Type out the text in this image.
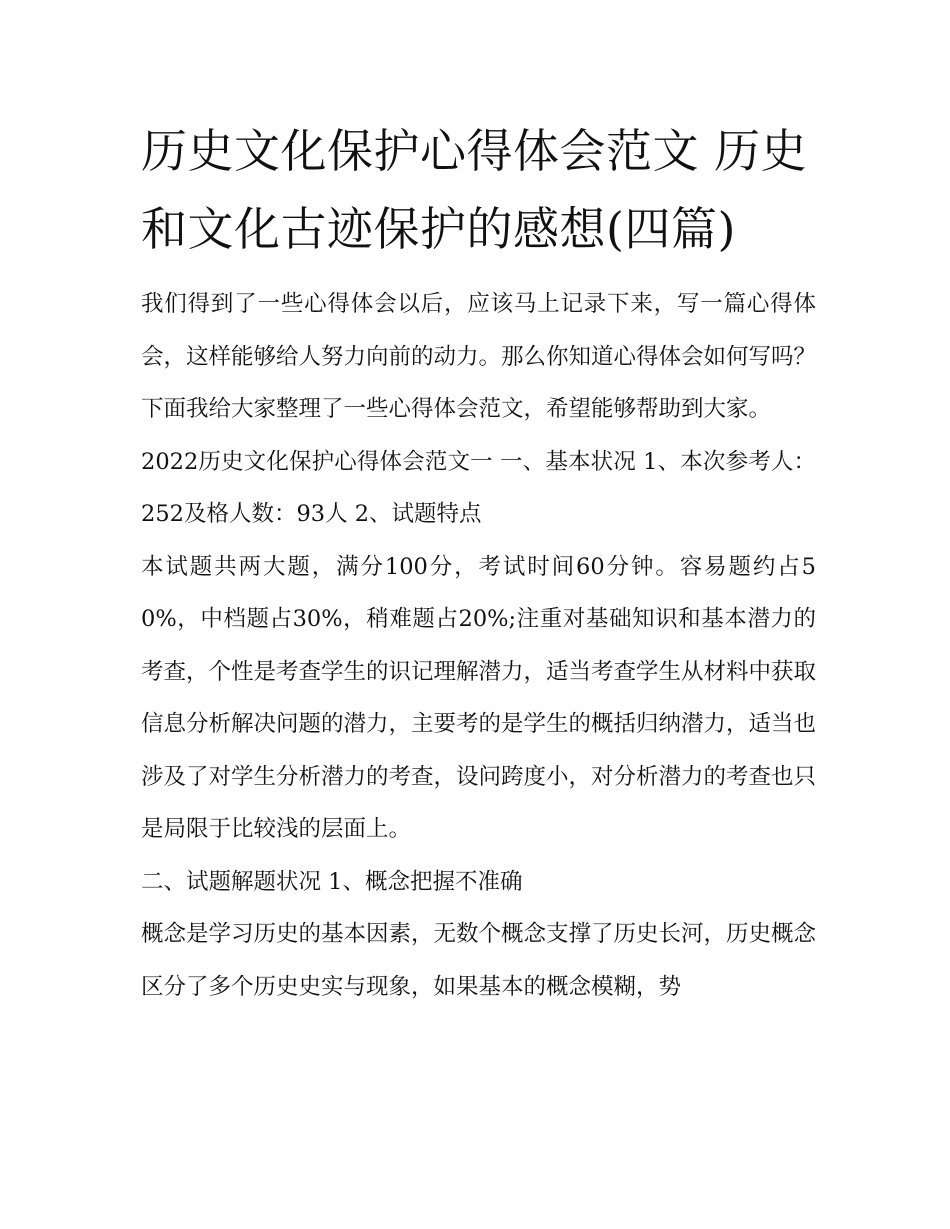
历史文化保护心得体会范文 历史和文化古迹保护的感想(四篇)

我们得到了一些心得体会以后，应该马上记录下来，写一篇心得体会，这样能够给人努力向前的动力。那么你知道心得体会如何写吗？下面我给大家整理了一些心得体会范文，希望能够帮助到大家。

2022历史文化保护心得体会范文一 一、基本状况 1、本次参考人：252及格人数：93人 2、试题特点

本试题共两大题，满分100分，考试时间60分钟。容易题约占50%，中档题占30%，稍难题占20%;注重对基础知识和基本潜力的考查，个性是考查学生的识记理解潜力，适当考查学生从材料中获取信息分析解决问题的潜力，主要考的是学生的概括归纳潜力，适当也涉及了对学生分析潜力的考查，设问跨度小，对分析潜力的考查也只是局限于比较浅的层面上。

二、试题解题状况 1、概念把握不准确

概念是学习历史的基本因素，无数个概念支撑了历史长河，历史概念区分了多个历史史实与现象，如果基本的概念模糊，势
